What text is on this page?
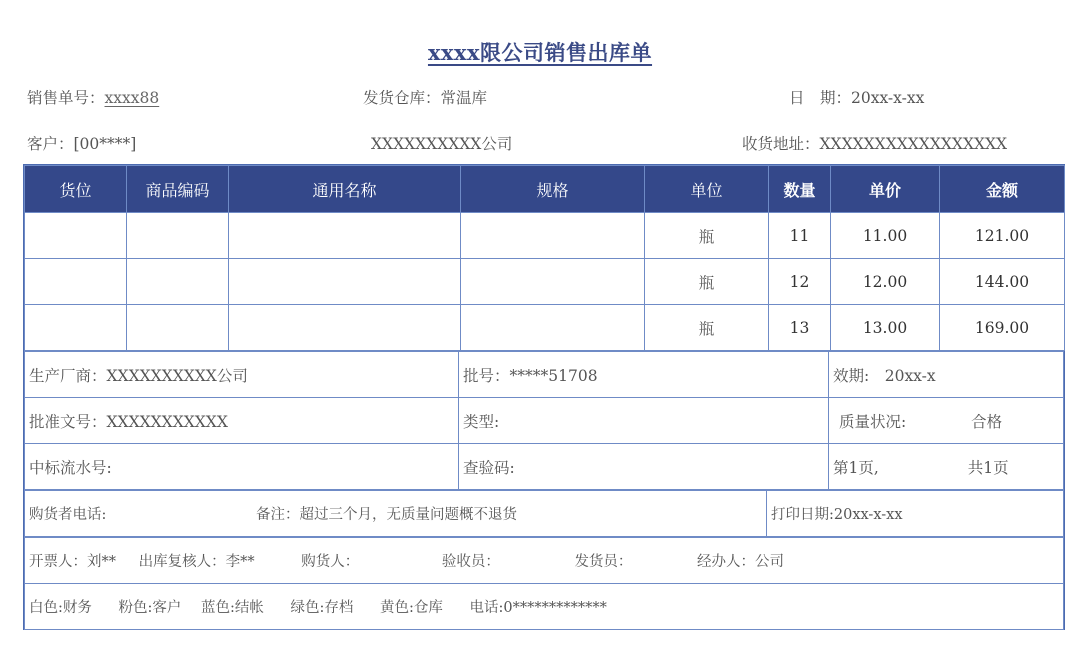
xxxx限公司销售出库单
销售单号：xxxx88	发货仓库：常温库	日　期：20xx-x-xx
客户：[00****]	XXXXXXXXXX公司	收货地址：XXXXXXXXXXXXXXXXX
货位	商品编码	通用名称	规格	单位	数量	单价	金额
				瓶	11	11.00	121.00
				瓶	12	12.00	144.00
				瓶	13	13.00	169.00
生产厂商：XXXXXXXXXX公司	批号：*****51708	效期:　20xx-x
批准文号：XXXXXXXXXXX	类型:	质量状况: 合格
中标流水号:	查验码:	第1页, 共1页
购货者电话:	备注：超过三个月，无质量问题概不退货	打印日期:20xx-x-xx
开票人：刘** 出库复核人：李**	购货人：	验收员：	发货员：	经办人：公司
白色:财务 粉色:客户 蓝色:结帐 绿色:存档 黄色:仓库 电话:0*************
